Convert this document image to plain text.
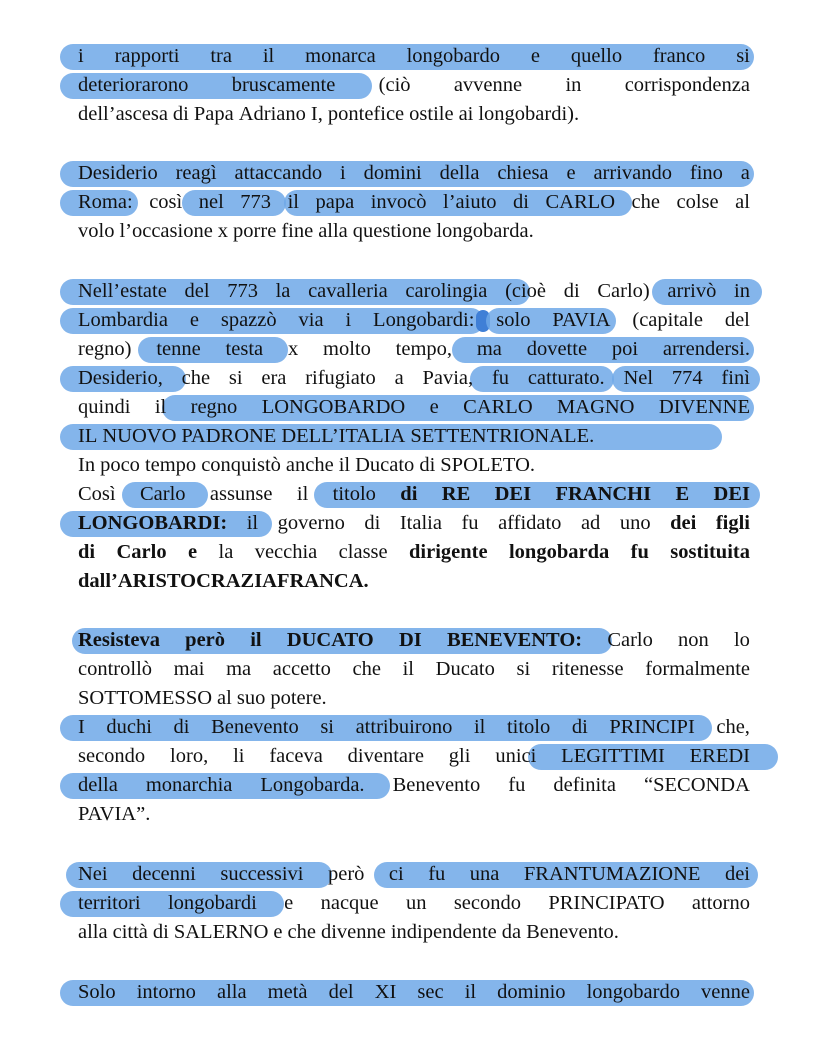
i rapporti tra il monarca longobardo e quello franco si
deteriorarono bruscamente (ciò avvenne in corrispondenza
dell’ascesa di Papa Adriano I, pontefice ostile ai longobardi).
Desiderio reagì attaccando i domini della chiesa e arrivando fino a
Roma: così nel 773 il papa invocò l’aiuto di CARLO che colse al
volo l’occasione x porre fine alla questione longobarda.
Nell’estate del 773 la cavalleria carolingia (cioè di Carlo) arrivò in
Lombardia e spazzò via i Longobardi: solo PAVIA (capitale del
regno) tenne testa x molto tempo, ma dovette poi arrendersi.
Desiderio, che si era rifugiato a Pavia, fu catturato. Nel 774 finì
quindi il regno LONGOBARDO e CARLO MAGNO DIVENNE
IL NUOVO PADRONE DELL’ITALIA SETTENTRIONALE.
In poco tempo conquistò anche il Ducato di SPOLETO.
Così Carlo assunse il titolo di RE DEI FRANCHI E DEI
LONGOBARDI: il governo di Italia fu affidato ad uno dei figli
di Carlo e la vecchia classe dirigente longobarda fu sostituita
dall’ARISTOCRAZIA FRANCA.
Resisteva però il DUCATO DI BENEVENTO: Carlo non lo
controllò mai ma accetto che il Ducato si ritenesse formalmente
SOTTOMESSO al suo potere.
I duchi di Benevento si attribuirono il titolo di PRINCIPI che,
secondo loro, li faceva diventare gli unici LEGITTIMI EREDI
della monarchia Longobarda. Benevento fu definita “SECONDA
PAVIA”.
Nei decenni successivi però ci fu una FRANTUMAZIONE dei
territori longobardi e nacque un secondo PRINCIPATO attorno
alla città di SALERNO e che divenne indipendente da Benevento.
Solo intorno alla metà del XI sec il dominio longobardo venne
